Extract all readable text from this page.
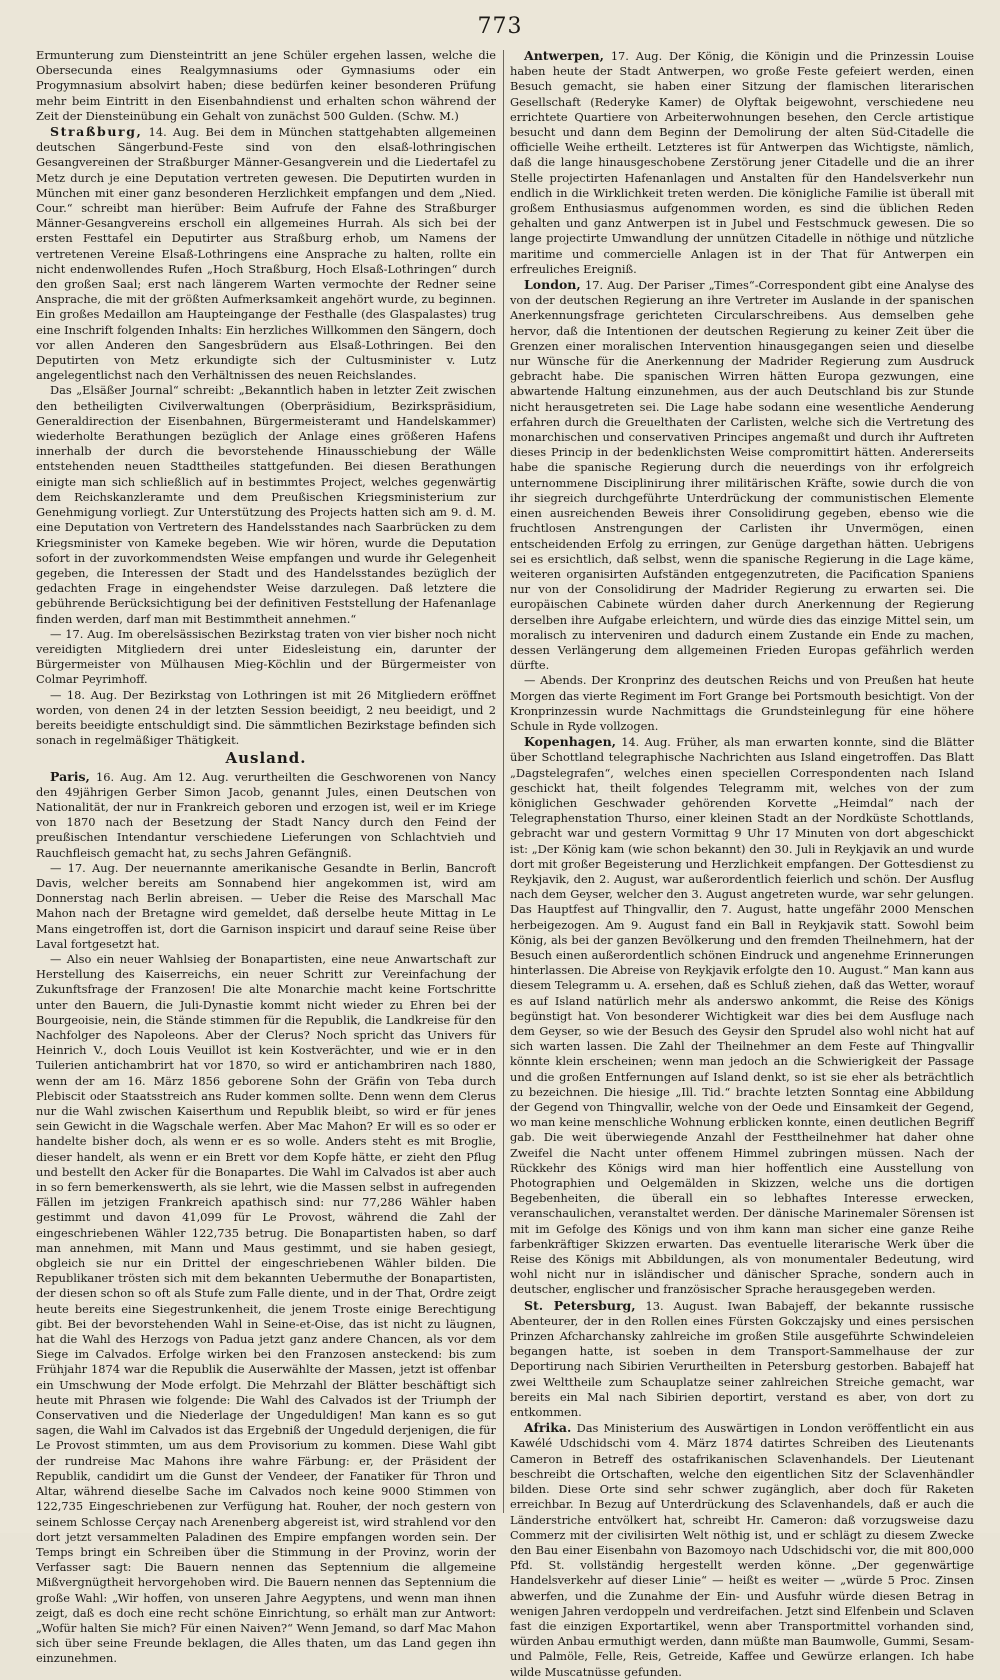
773

Ermunterung zum Diensteintritt an jene Schüler ergehen lassen, welche die Obersecunda eines Realgymnasiums oder Gymnasiums oder ein Progymnasium absolvirt haben; diese bedürfen keiner besonderen Prüfung mehr beim Eintritt in den Eisenbahndienst und erhalten schon während der Zeit der Diensteinübung ein Gehalt von zunächst 500 Gulden. (Schw. M.)

Straßburg, 14. Aug. Bei dem in München stattgehabten allgemeinen deutschen Sängerbund-Feste sind von den elsaß-lothringischen Gesangvereinen der Straßburger Männer-Gesangverein und die Liedertafel zu Metz durch je eine Deputation vertreten gewesen. Die Deputirten wurden in München mit einer ganz besonderen Herzlichkeit empfangen und dem „Nied. Cour.“ schreibt man hierüber: Beim Aufrufe der Fahne des Straßburger Männer-Gesangvereins erscholl ein allgemeines Hurrah. Als sich bei der ersten Festtafel ein Deputirter aus Straßburg erhob, um Namens der vertretenen Vereine Elsaß-Lothringens eine Ansprache zu halten, rollte ein nicht endenwollendes Rufen „Hoch Straßburg, Hoch Elsaß-Lothringen“ durch den großen Saal; erst nach längerem Warten vermochte der Redner seine Ansprache, die mit der größten Aufmerksamkeit angehört wurde, zu beginnen. Ein großes Medaillon am Haupteingange der Festhalle (des Glaspalastes) trug eine Inschrift folgenden Inhalts: Ein herzliches Willkommen den Sängern, doch vor allen Anderen den Sangesbrüdern aus Elsaß-Lothringen. Bei den Deputirten von Metz erkundigte sich der Cultusminister v. Lutz angelegentlichst nach den Verhältnissen des neuen Reichslandes.

Das „Elsäßer Journal“ schreibt: „Bekanntlich haben in letzter Zeit zwischen den betheiligten Civilverwaltungen (Oberpräsidium, Bezirkspräsidium, Generaldirection der Eisenbahnen, Bürgermeisteramt und Handelskammer) wiederholte Berathungen bezüglich der Anlage eines größeren Hafens innerhalb der durch die bevorstehende Hinausschiebung der Wälle entstehenden neuen Stadttheiles stattgefunden. Bei diesen Berathungen einigte man sich schließlich auf in bestimmtes Project, welches gegenwärtig dem Reichskanzleramte und dem Preußischen Kriegsministerium zur Genehmigung vorliegt. Zur Unterstützung des Projects hatten sich am 9. d. M. eine Deputation von Vertretern des Handelsstandes nach Saarbrücken zu dem Kriegsminister von Kameke begeben. Wie wir hören, wurde die Deputation sofort in der zuvorkommendsten Weise empfangen und wurde ihr Gelegenheit gegeben, die Interessen der Stadt und des Handelsstandes bezüglich der gedachten Frage in eingehendster Weise darzulegen. Daß letztere die gebührende Berücksichtigung bei der definitiven Feststellung der Hafenanlage finden werden, darf man mit Bestimmtheit annehmen.“

— 17. Aug. Im oberelsässischen Bezirkstag traten von vier bisher noch nicht vereidigten Mitgliedern drei unter Eidesleistung ein, darunter der Bürgermeister von Mülhausen Mieg-Köchlin und der Bürgermeister von Colmar Peyrimhoff.

— 18. Aug. Der Bezirkstag von Lothringen ist mit 26 Mitgliedern eröffnet worden, von denen 24 in der letzten Session beeidigt, 2 neu beeidigt, und 2 bereits beeidigte entschuldigt sind. Die sämmtlichen Bezirkstage befinden sich sonach in regelmäßiger Thätigkeit.

Ausland.

Paris, 16. Aug. Am 12. Aug. verurtheilten die Geschworenen von Nancy den 49jährigen Gerber Simon Jacob, genannt Jules, einen Deutschen von Nationalität, der nur in Frankreich geboren und erzogen ist, weil er im Kriege von 1870 nach der Besetzung der Stadt Nancy durch den Feind der preußischen Intendantur verschiedene Lieferungen von Schlachtvieh und Rauchfleisch gemacht hat, zu sechs Jahren Gefängniß.

— 17. Aug. Der neuernannte amerikanische Gesandte in Berlin, Bancroft Davis, welcher bereits am Sonnabend hier angekommen ist, wird am Donnerstag nach Berlin abreisen. — Ueber die Reise des Marschall Mac Mahon nach der Bretagne wird gemeldet, daß derselbe heute Mittag in Le Mans eingetroffen ist, dort die Garnison inspicirt und darauf seine Reise über Laval fortgesetzt hat.

— Also ein neuer Wahlsieg der Bonapartisten, eine neue Anwartschaft zur Herstellung des Kaiserreichs, ein neuer Schritt zur Vereinfachung der Zukunftsfrage der Franzosen! Die alte Monarchie macht keine Fortschritte unter den Bauern, die Juli-Dynastie kommt nicht wieder zu Ehren bei der Bourgeoisie, nein, die Stände stimmen für die Republik, die Landkreise für den Nachfolger des Napoleons. Aber der Clerus? Noch spricht das Univers für Heinrich V., doch Louis Veuillot ist kein Kostverächter, und wie er in den Tuilerien antichambrirt hat vor 1870, so wird er antichambriren nach 1880, wenn der am 16. März 1856 geborene Sohn der Gräfin von Teba durch Plebiscit oder Staatsstreich ans Ruder kommen sollte. Denn wenn dem Clerus nur die Wahl zwischen Kaiserthum und Republik bleibt, so wird er für jenes sein Gewicht in die Wagschale werfen. Aber Mac Mahon? Er will es so oder er handelte bisher doch, als wenn er es so wolle. Anders steht es mit Broglie, dieser handelt, als wenn er ein Brett vor dem Kopfe hätte, er zieht den Pflug und bestellt den Acker für die Bonapartes. Die Wahl im Calvados ist aber auch in so fern bemerkenswerth, als sie lehrt, wie die Massen selbst in aufregenden Fällen im jetzigen Frankreich apathisch sind: nur 77,286 Wähler haben gestimmt und davon 41,099 für Le Provost, während die Zahl der eingeschriebenen Wähler 122,735 betrug. Die Bonapartisten haben, so darf man annehmen, mit Mann und Maus gestimmt, und sie haben gesiegt, obgleich sie nur ein Drittel der eingeschriebenen Wähler bilden. Die Republikaner trösten sich mit dem bekannten Uebermuthe der Bonapartisten, der diesen schon so oft als Stufe zum Falle diente, und in der That, Ordre zeigt heute bereits eine Siegestrunkenheit, die jenem Troste einige Berechtigung gibt. Bei der bevorstehenden Wahl in Seine-et-Oise, das ist nicht zu läugnen, hat die Wahl des Herzogs von Padua jetzt ganz andere Chancen, als vor dem Siege im Calvados. Erfolge wirken bei den Franzosen ansteckend: bis zum Frühjahr 1874 war die Republik die Auserwählte der Massen, jetzt ist offenbar ein Umschwung der Mode erfolgt. Die Mehrzahl der Blätter beschäftigt sich heute mit Phrasen wie folgende: Die Wahl des Calvados ist der Triumph der Conservativen und die Niederlage der Ungeduldigen! Man kann es so gut sagen, die Wahl im Calvados ist das Ergebniß der Ungeduld derjenigen, die für Le Provost stimmten, um aus dem Provisorium zu kommen. Diese Wahl gibt der rundreise Mac Mahons ihre wahre Färbung: er, der Präsident der Republik, candidirt um die Gunst der Vendeer, der Fanatiker für Thron und Altar, während dieselbe Sache im Calvados noch keine 9000 Stimmen von 122,735 Eingeschriebenen zur Verfügung hat. Rouher, der noch gestern von seinem Schlosse Cerçay nach Arenenberg abgereist ist, wird strahlend vor den dort jetzt versammelten Paladinen des Empire empfangen worden sein. Der Temps bringt ein Schreiben über die Stimmung in der Provinz, worin der Verfasser sagt: Die Bauern nennen das Septennium die allgemeine Mißvergnügtheit hervorgehoben wird. Die Bauern nennen das Septennium die große Wahl: „Wir hoffen, von unseren Jahre Aegyptens, und wenn man ihnen zeigt, daß es doch eine recht schöne Einrichtung, so erhält man zur Antwort: „Wofür halten Sie mich? Für einen Naiven?“ Wenn Jemand, so darf Mac Mahon sich über seine Freunde beklagen, die Alles thaten, um das Land gegen ihn einzunehmen.

Antwerpen, 17. Aug. Der König, die Königin und die Prinzessin Louise haben heute der Stadt Antwerpen, wo große Feste gefeiert werden, einen Besuch gemacht, sie haben einer Sitzung der flamischen literarischen Gesellschaft (Rederyke Kamer) de Olyftak beigewohnt, verschiedene neu errichtete Quartiere von Arbeiterwohnungen besehen, den Cercle artistique besucht und dann dem Beginn der Demolirung der alten Süd-Citadelle die officielle Weihe ertheilt. Letzteres ist für Antwerpen das Wichtigste, nämlich, daß die lange hinausgeschobene Zerstörung jener Citadelle und die an ihrer Stelle projectirten Hafenanlagen und Anstalten für den Handelsverkehr nun endlich in die Wirklichkeit treten werden. Die königliche Familie ist überall mit großem Enthusiasmus aufgenommen worden, es sind die üblichen Reden gehalten und ganz Antwerpen ist in Jubel und Festschmuck gewesen. Die so lange projectirte Umwandlung der unnützen Citadelle in nöthige und nützliche maritime und commercielle Anlagen ist in der That für Antwerpen ein erfreuliches Ereigniß.

London, 17. Aug. Der Pariser „Times“-Correspondent gibt eine Analyse des von der deutschen Regierung an ihre Vertreter im Auslande in der spanischen Anerkennungsfrage gerichteten Circularschreibens. Aus demselben gehe hervor, daß die Intentionen der deutschen Regierung zu keiner Zeit über die Grenzen einer moralischen Intervention hinausgegangen seien und dieselbe nur Wünsche für die Anerkennung der Madrider Regierung zum Ausdruck gebracht habe. Die spanischen Wirren hätten Europa gezwungen, eine abwartende Haltung einzunehmen, aus der auch Deutschland bis zur Stunde nicht herausgetreten sei. Die Lage habe sodann eine wesentliche Aenderung erfahren durch die Greuelthaten der Carlisten, welche sich die Vertretung des monarchischen und conservativen Principes angemaßt und durch ihr Auftreten dieses Princip in der bedenklichsten Weise compromittirt hätten. Andererseits habe die spanische Regierung durch die neuerdings von ihr erfolgreich unternommene Disciplinirung ihrer militärischen Kräfte, sowie durch die von ihr siegreich durchgeführte Unterdrückung der communistischen Elemente einen ausreichenden Beweis ihrer Consolidirung gegeben, ebenso wie die fruchtlosen Anstrengungen der Carlisten ihr Unvermögen, einen entscheidenden Erfolg zu erringen, zur Genüge dargethan hätten. Uebrigens sei es ersichtlich, daß selbst, wenn die spanische Regierung in die Lage käme, weiteren organisirten Aufständen entgegenzutreten, die Pacification Spaniens nur von der Consolidirung der Madrider Regierung zu erwarten sei. Die europäischen Cabinete würden daher durch Anerkennung der Regierung derselben ihre Aufgabe erleichtern, und würde dies das einzige Mittel sein, um moralisch zu interveniren und dadurch einem Zustande ein Ende zu machen, dessen Verlängerung dem allgemeinen Frieden Europas gefährlich werden dürfte.

— Abends. Der Kronprinz des deutschen Reichs und von Preußen hat heute Morgen das vierte Regiment im Fort Grange bei Portsmouth besichtigt. Von der Kronprinzessin wurde Nachmittags die Grundsteinlegung für eine höhere Schule in Ryde vollzogen.

Kopenhagen, 14. Aug. Früher, als man erwarten konnte, sind die Blätter über Schottland telegraphische Nachrichten aus Island eingetroffen. Das Blatt „Dagstelegrafen“, welches einen speciellen Correspondenten nach Island geschickt hat, theilt folgendes Telegramm mit, welches von der zum königlichen Geschwader gehörenden Korvette „Heimdal“ nach der Telegraphenstation Thurso, einer kleinen Stadt an der Nordküste Schottlands, gebracht war und gestern Vormittag 9 Uhr 17 Minuten von dort abgeschickt ist: „Der König kam (wie schon bekannt) den 30. Juli in Reykjavik an und wurde dort mit großer Begeisterung und Herzlichkeit empfangen. Der Gottesdienst zu Reykjavik, den 2. August, war außerordentlich feierlich und schön. Der Ausflug nach dem Geyser, welcher den 3. August angetreten wurde, war sehr gelungen. Das Hauptfest auf Thingvallir, den 7. August, hatte ungefähr 2000 Menschen herbeigezogen. Am 9. August fand ein Ball in Reykjavik statt. Sowohl beim König, als bei der ganzen Bevölkerung und den fremden Theilnehmern, hat der Besuch einen außerordentlich schönen Eindruck und angenehme Erinnerungen hinterlassen. Die Abreise von Reykjavik erfolgte den 10. August.“ Man kann aus diesem Telegramm u. A. ersehen, daß es Schluß ziehen, daß das Wetter, worauf es auf Island natürlich mehr als anderswo ankommt, die Reise des Königs begünstigt hat. Von besonderer Wichtigkeit war dies bei dem Ausfluge nach dem Geyser, so wie der Besuch des Geysir den Sprudel also wohl nicht hat auf sich warten lassen. Die Zahl der Theilnehmer an dem Feste auf Thingvallir könnte klein erscheinen; wenn man jedoch an die Schwierigkeit der Passage und die großen Entfernungen auf Island denkt, so ist sie eher als beträchtlich zu bezeichnen. Die hiesige „Ill. Tid.“ brachte letzten Sonntag eine Abbildung der Gegend von Thingvallir, welche von der Oede und Einsamkeit der Gegend, wo man keine menschliche Wohnung erblicken konnte, einen deutlichen Begriff gab. Die weit überwiegende Anzahl der Festtheilnehmer hat daher ohne Zweifel die Nacht unter offenem Himmel zubringen müssen. Nach der Rückkehr des Königs wird man hier hoffentlich eine Ausstellung von Photographien und Oelgemälden in Skizzen, welche uns die dortigen Begebenheiten, die überall ein so lebhaftes Interesse erwecken, veranschaulichen, veranstaltet werden. Der dänische Marinemaler Sörensen ist mit im Gefolge des Königs und von ihm kann man sicher eine ganze Reihe farbenkräftiger Skizzen erwarten. Das eventuelle literarische Werk über die Reise des Königs mit Abbildungen, als von monumentaler Bedeutung, wird wohl nicht nur in isländischer und dänischer Sprache, sondern auch in deutscher, englischer und französischer Sprache herausgegeben werden.

St. Petersburg, 13. August. Iwan Babajeff, der bekannte russische Abenteurer, der in den Rollen eines Fürsten Gokczajsky und eines persischen Prinzen Afcharchansky zahlreiche im großen Stile ausgeführte Schwindeleien begangen hatte, ist soeben in dem Transport-Sammelhause der zur Deportirung nach Sibirien Verurtheilten in Petersburg gestorben. Babajeff hat zwei Welttheile zum Schauplatze seiner zahlreichen Streiche gemacht, war bereits ein Mal nach Sibirien deportirt, verstand es aber, von dort zu entkommen.

Afrika. Das Ministerium des Auswärtigen in London veröffentlicht ein aus Kawélé Udschidschi vom 4. März 1874 datirtes Schreiben des Lieutenants Cameron in Betreff des ostafrikanischen Sclavenhandels. Der Lieutenant beschreibt die Ortschaften, welche den eigentlichen Sitz der Sclavenhändler bilden. Diese Orte sind sehr schwer zugänglich, aber doch für Raketen erreichbar. In Bezug auf Unterdrückung des Sclavenhandels, daß er auch die Länderstriche entvölkert hat, schreibt Hr. Cameron: daß vorzugsweise dazu Commerz mit der civilisirten Welt nöthig ist, und er schlägt zu diesem Zwecke den Bau einer Eisenbahn von Bazomoyo nach Udschidschi vor, die mit 800,000 Pfd. St. vollständig hergestellt werden könne. „Der gegenwärtige Handelsverkehr auf dieser Linie“ — heißt es weiter — „würde 5 Proc. Zinsen abwerfen, und die Zunahme der Ein- und Ausfuhr würde diesen Betrag in wenigen Jahren verdoppeln und verdreifachen. Jetzt sind Elfenbein und Sclaven fast die einzigen Exportartikel, wenn aber Transportmittel vorhanden sind, würden Anbau ermuthigt werden, dann müßte man Baumwolle, Gummi, Sesam- und Palmöle, Felle, Reis, Getreide, Kaffee und Gewürze erlangen. Ich habe wilde Muscatnüsse gefunden.
